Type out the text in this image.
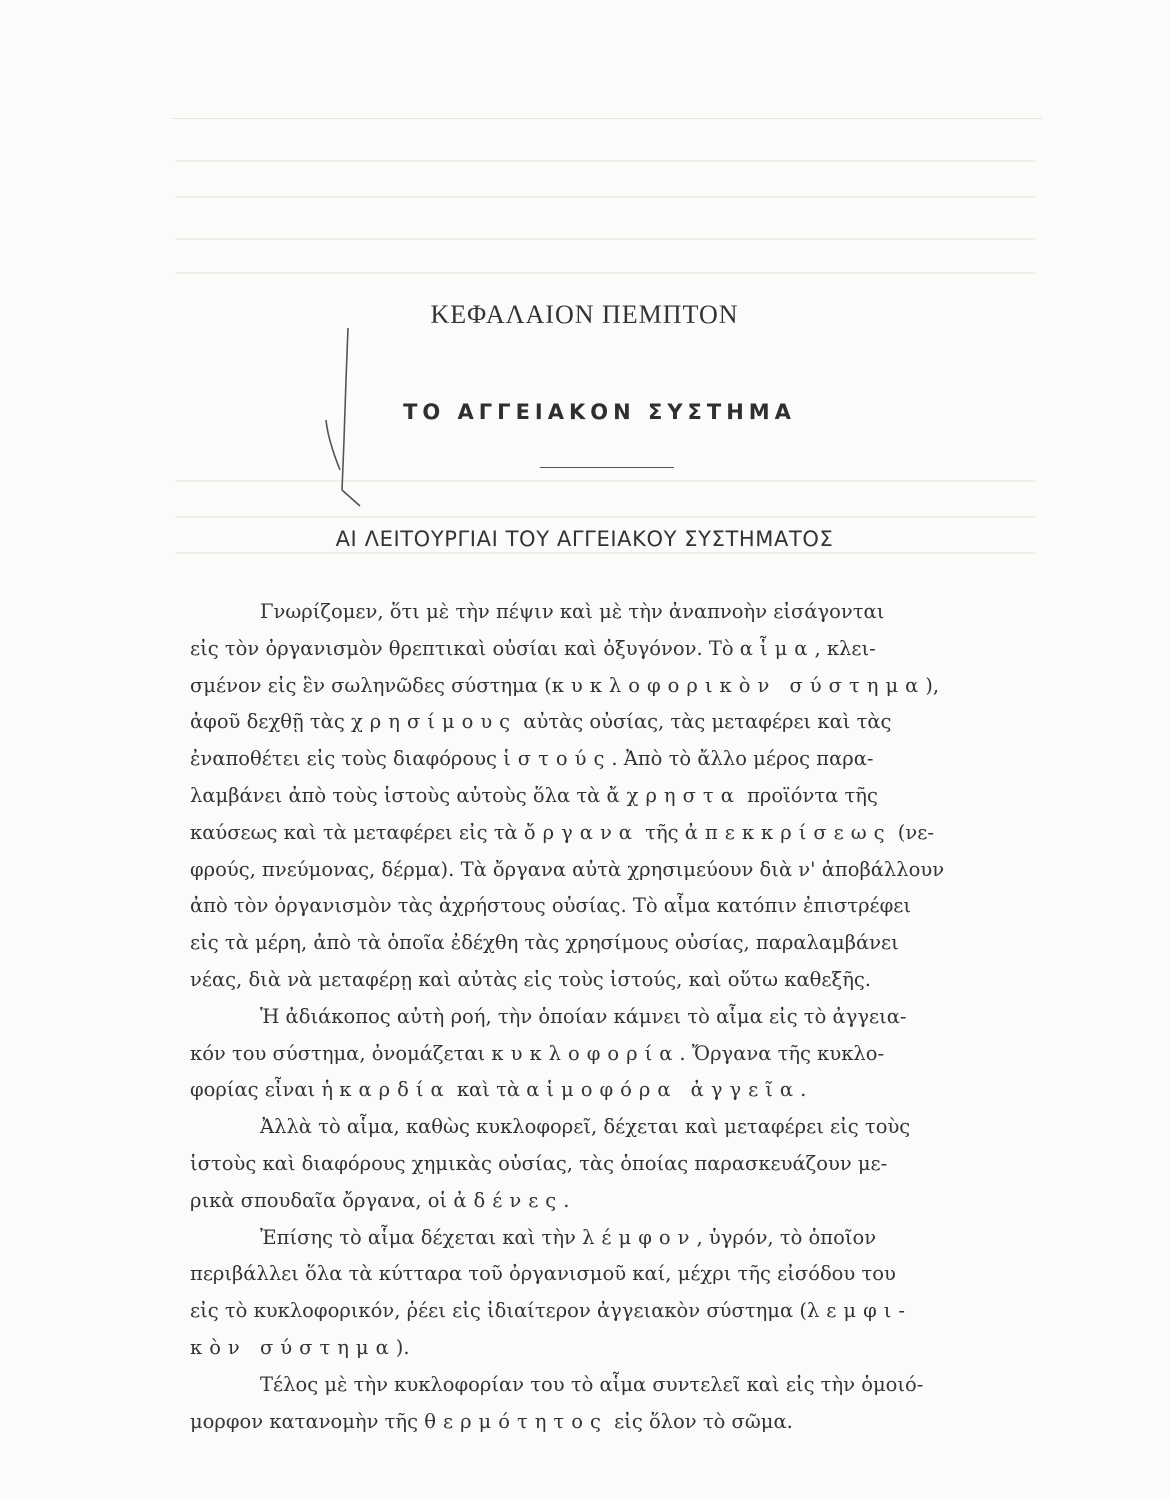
ΚΕΦΑΛΑΙΟΝ ΠΕΜΠΤΟΝ
ΤΟ ΑΓΓΕΙΑΚΟΝ ΣΥΣΤΗΜΑ
ΑΙ ΛΕΙΤΟΥΡΓΙΑΙ ΤΟΥ ΑΓΓΕΙΑΚΟΥ ΣΥΣΤΗΜΑΤΟΣ
Γνωρίζομεν, ὅτι μὲ τὴν πέψιν καὶ μὲ τὴν ἀναπνοὴν εἰσάγονται
εἰς τὸν ὀργανισμὸν θρεπτικαὶ οὐσίαι καὶ ὀξυγόνον. Τὸ αἷμα, κλει-
σμένον εἰς ἓν σωληνῶδες σύστημα (κυκλοφορικὸν σύστημα),
ἀφοῦ δεχθῇ τὰς χρησίμους αὐτὰς οὐσίας, τὰς μεταφέρει καὶ τὰς
ἐναποθέτει εἰς τοὺς διαφόρους ἱστούς. Ἀπὸ τὸ ἄλλο μέρος παρα-
λαμβάνει ἀπὸ τοὺς ἱστοὺς αὐτοὺς ὅλα τὰ ἄχρηστα προϊόντα τῆς
καύσεως καὶ τὰ μεταφέρει εἰς τὰ ὄργανα τῆς ἀπεκκρίσεως (νε-
φρούς, πνεύμονας, δέρμα). Τὰ ὄργανα αὐτὰ χρησιμεύουν διὰ ν' ἀποβάλλουν
ἀπὸ τὸν ὀργανισμὸν τὰς ἀχρήστους οὐσίας. Τὸ αἷμα κατόπιν ἐπιστρέφει
εἰς τὰ μέρη, ἀπὸ τὰ ὁποῖα ἐδέχθη τὰς χρησίμους οὐσίας, παραλαμβάνει
νέας, διὰ νὰ μεταφέρῃ καὶ αὐτὰς εἰς τοὺς ἱστούς, καὶ οὕτω καθεξῆς.
Ἡ ἀδιάκοπος αὐτὴ ροή, τὴν ὁποίαν κάμνει τὸ αἷμα εἰς τὸ ἀγγεια-
κόν του σύστημα, ὀνομάζεται κυκλοφορία. Ὄργανα τῆς κυκλο-
φορίας εἶναι ἡ καρδία καὶ τὰ αἱμοφόρα ἀγγεῖα.
Ἀλλὰ τὸ αἷμα, καθὼς κυκλοφορεῖ, δέχεται καὶ μεταφέρει εἰς τοὺς
ἱστοὺς καὶ διαφόρους χημικὰς οὐσίας, τὰς ὁποίας παρασκευάζουν με-
ρικὰ σπουδαῖα ὄργανα, οἱ ἀδένες.
Ἐπίσης τὸ αἷμα δέχεται καὶ τὴν λέμφον, ὑγρόν, τὸ ὁποῖον
περιβάλλει ὅλα τὰ κύτταρα τοῦ ὀργανισμοῦ καί, μέχρι τῆς εἰσόδου του
εἰς τὸ κυκλοφορικόν, ῥέει εἰς ἰδιαίτερον ἀγγειακὸν σύστημα (λεμφι-
κὸν σύστημα).
Τέλος μὲ τὴν κυκλοφορίαν του τὸ αἷμα συντελεῖ καὶ εἰς τὴν ὁμοιό-
μορφον κατανομὴν τῆς θερμότητος εἰς ὅλον τὸ σῶμα.
